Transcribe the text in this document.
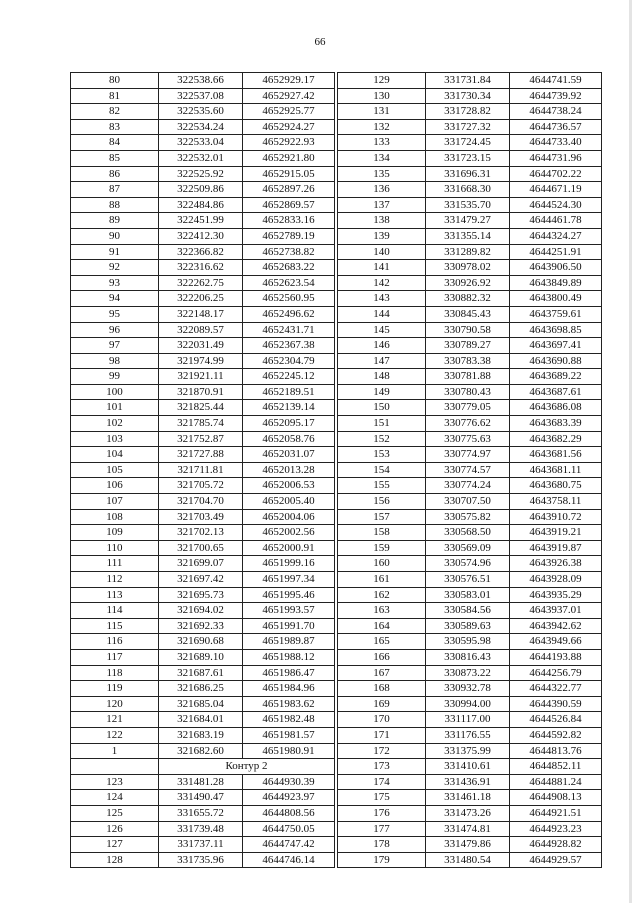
66
80	322538.66	4652929.17
81	322537.08	4652927.42
82	322535.60	4652925.77
83	322534.24	4652924.27
84	322533.04	4652922.93
85	322532.01	4652921.80
86	322525.92	4652915.05
87	322509.86	4652897.26
88	322484.86	4652869.57
89	322451.99	4652833.16
90	322412.30	4652789.19
91	322366.82	4652738.82
92	322316.62	4652683.22
93	322262.75	4652623.54
94	322206.25	4652560.95
95	322148.17	4652496.62
96	322089.57	4652431.71
97	322031.49	4652367.38
98	321974.99	4652304.79
99	321921.11	4652245.12
100	321870.91	4652189.51
101	321825.44	4652139.14
102	321785.74	4652095.17
103	321752.87	4652058.76
104	321727.88	4652031.07
105	321711.81	4652013.28
106	321705.72	4652006.53
107	321704.70	4652005.40
108	321703.49	4652004.06
109	321702.13	4652002.56
110	321700.65	4652000.91
111	321699.07	4651999.16
112	321697.42	4651997.34
113	321695.73	4651995.46
114	321694.02	4651993.57
115	321692.33	4651991.70
116	321690.68	4651989.87
117	321689.10	4651988.12
118	321687.61	4651986.47
119	321686.25	4651984.96
120	321685.04	4651983.62
121	321684.01	4651982.48
122	321683.19	4651981.57
1	321682.60	4651980.91
	Контур 2	
123	331481.28	4644930.39
124	331490.47	4644923.97
125	331655.72	4644808.56
126	331739.48	4644750.05
127	331737.11	4644747.42
128	331735.96	4644746.14
129	331731.84	4644741.59
130	331730.34	4644739.92
131	331728.82	4644738.24
132	331727.32	4644736.57
133	331724.45	4644733.40
134	331723.15	4644731.96
135	331696.31	4644702.22
136	331668.30	4644671.19
137	331535.70	4644524.30
138	331479.27	4644461.78
139	331355.14	4644324.27
140	331289.82	4644251.91
141	330978.02	4643906.50
142	330926.92	4643849.89
143	330882.32	4643800.49
144	330845.43	4643759.61
145	330790.58	4643698.85
146	330789.27	4643697.41
147	330783.38	4643690.88
148	330781.88	4643689.22
149	330780.43	4643687.61
150	330779.05	4643686.08
151	330776.62	4643683.39
152	330775.63	4643682.29
153	330774.97	4643681.56
154	330774.57	4643681.11
155	330774.24	4643680.75
156	330707.50	4643758.11
157	330575.82	4643910.72
158	330568.50	4643919.21
159	330569.09	4643919.87
160	330574.96	4643926.38
161	330576.51	4643928.09
162	330583.01	4643935.29
163	330584.56	4643937.01
164	330589.63	4643942.62
165	330595.98	4643949.66
166	330816.43	4644193.88
167	330873.22	4644256.79
168	330932.78	4644322.77
169	330994.00	4644390.59
170	331117.00	4644526.84
171	331176.55	4644592.82
172	331375.99	4644813.76
173	331410.61	4644852.11
174	331436.91	4644881.24
175	331461.18	4644908.13
176	331473.26	4644921.51
177	331474.81	4644923.23
178	331479.86	4644928.82
179	331480.54	4644929.57
